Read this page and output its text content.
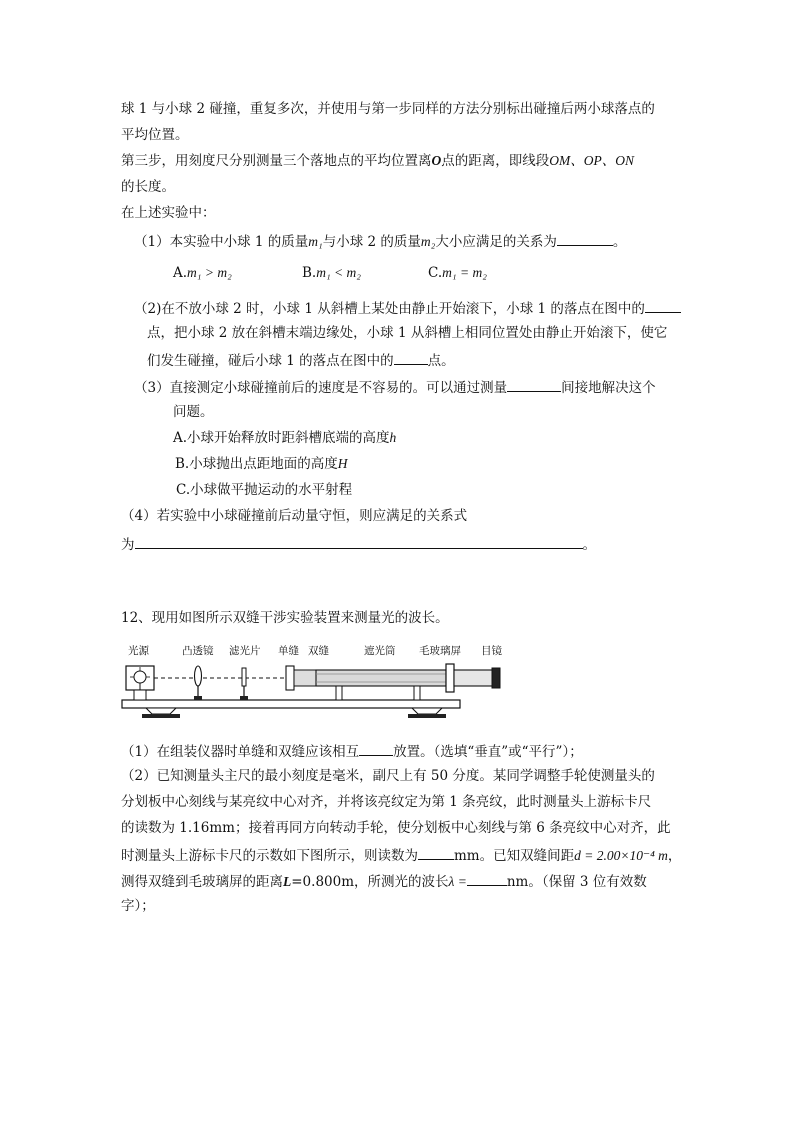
球 1 与小球 2 碰撞，重复多次，并使用与第一步同样的方法分别标出碰撞后两小球落点的
平均位置。
第三步，用刻度尺分别测量三个落地点的平均位置离O点的距离，即线段OM、OP、ON
的长度。
在上述实验中：
（1）本实验中小球 1 的质量m₁与小球 2 的质量m₂大小应满足的关系为	。
A.m₁ > m₂	B.m₁ < m₂	C.m₁ = m₂
（2)在不放小球 2 时，小球 1 从斜槽上某处由静止开始滚下，小球 1 的落点在图中的
点，把小球 2 放在斜槽末端边缘处，小球 1 从斜槽上相同位置处由静止开始滚下，使它
们发生碰撞，碰后小球 1 的落点在图中的	点。
（3）直接测定小球碰撞前后的速度是不容易的。可以通过测量	间接地解决这个
问题。
A.小球开始释放时距斜槽底端的高度h
B.小球抛出点距地面的高度H
C.小球做平抛运动的水平射程
（4）若实验中小球碰撞前后动量守恒，则应满足的关系式
为	。
12、现用如图所示双缝干涉实验装置来测量光的波长。
光源	凸透镜 滤光片 单缝 双缝	遮光筒 毛玻璃屏 目镜
（1）在组装仪器时单缝和双缝应该相互	放置。（选填“垂直”或“平行”）；
（2）已知测量头主尺的最小刻度是毫米，副尺上有 50 分度。某同学调整手轮使测量头的
分划板中心刻线与某亮纹中心对齐，并将该亮纹定为第 1 条亮纹，此时测量头上游标卡尺
的读数为 1.16mm；接着再同方向转动手轮，使分划板中心刻线与第 6 条亮纹中心对齐，此
时测量头上游标卡尺的示数如下图所示，则读数为	mm。已知双缝间距d = 2.00×10⁻⁴ m，
测得双缝到毛玻璃屏的距离L=0.800m，所测光的波长λ =	nm。（保留 3 位有效数
字）；
